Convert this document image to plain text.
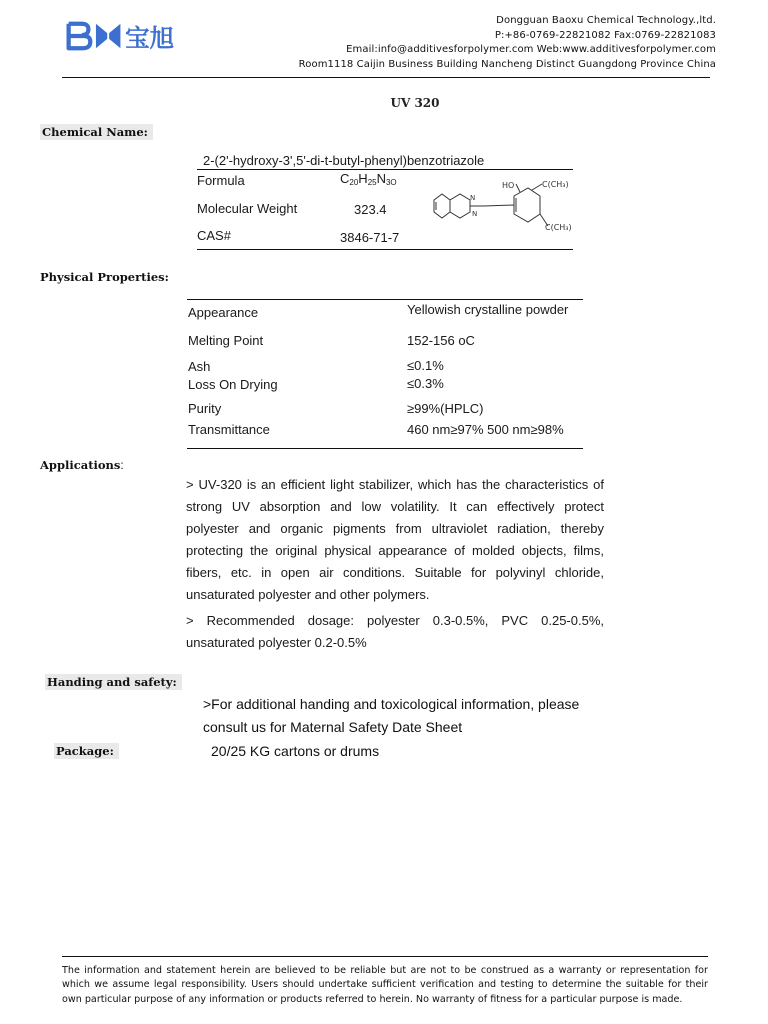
宝旭
Dongguan Baoxu Chemical Technology.,ltd.
P:+86-0769-22821082 Fax:0769-22821083
Email:info@additivesforpolymer.com Web:www.additivesforpolymer.com
Room1118 Caijin Business Building Nancheng Distinct Guangdong Province China
UV 320
Chemical Name:
2-(2'-hydroxy-3',5'-di-t-butyl-phenyl)benzotriazole
Formula	$C_{20}H_{25}N_{3O}$
Molecular Weight	323.4
CAS#	3846-71-7
HO	C(CH₃)
N
N
C(CH₃)
Physical Properties:
Appearance	Yellowish crystalline powder
Melting Point	152-156 oC
Ash	≤0.1%
Loss On Drying	≤0.3%
Purity	≥99%(HPLC)
Transmittance	460 nm≥97% 500 nm≥98%
Applications:
> UV-320 is an efficient light stabilizer, which has the characteristics of strong UV absorption and low volatility. It can effectively protect polyester and organic pigments from ultraviolet radiation, thereby protecting the original physical appearance of molded objects, films, fibers, etc. in open air conditions. Suitable for polyvinyl chloride, unsaturated polyester and other polymers.
> Recommended dosage: polyester 0.3-0.5%, PVC 0.25-0.5%, unsaturated polyester 0.2-0.5%
Handing and safety:
>For additional handing and toxicological information, please consult us for Maternal Safety Date Sheet
Package:	20/25 KG cartons or drums
The information and statement herein are believed to be reliable but are not to be construed as a warranty or representation for which we assume legal responsibility. Users should undertake sufficient verification and testing to determine the suitable for their own particular purpose of any information or products referred to herein. No warranty of fitness for a particular purpose is made.
